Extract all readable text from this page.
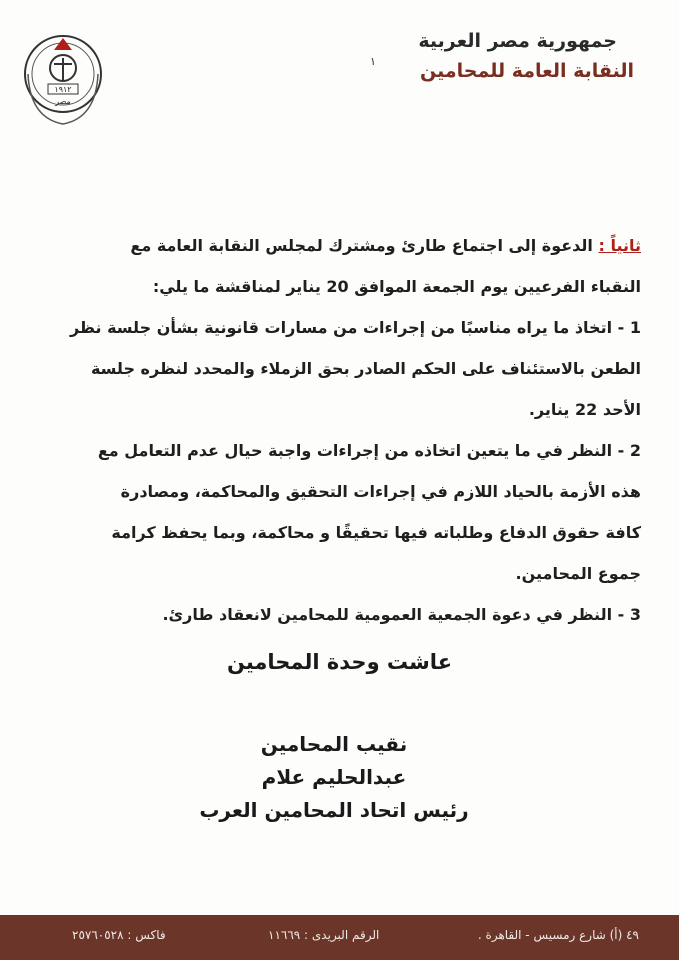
١٩١٢
مصر
جمهورية مصر العربية
النقابة العامة للمحامين
١

ثانياً : الدعوة إلى اجتماع طارئ ومشترك لمجلس النقابة العامة مع

النقباء الفرعيين يوم الجمعة الموافق 20 يناير لمناقشة ما يلي:

1 - اتخاذ ما يراه مناسبًا من إجراءات من مسارات قانونية بشأن جلسة نظر

الطعن بالاستئناف على الحكم الصادر بحق الزملاء والمحدد لنظره جلسة

الأحد 22 يناير.

2 - النظر في ما يتعين اتخاذه من إجراءات واجبة حيال عدم التعامل مع

هذه الأزمة بالحياد اللازم في إجراءات التحقيق والمحاكمة، ومصادرة

كافة حقوق الدفاع وطلباته فيها تحقيقًا و محاكمة، وبما يحفظ كرامة

جموع المحامين.

3 - النظر في دعوة الجمعية العمومية للمحامين لانعقاد طارئ.

عاشت وحدة المحامين
نقيب المحامين
عبدالحليم علام
رئيس اتحاد المحامين العرب
٤٩ (أ) شارع رمسيس - القاهرة .
الرقم البريدى : ١١٦٦٩
فاكس : ٢٥٧٦٠٥٢٨
